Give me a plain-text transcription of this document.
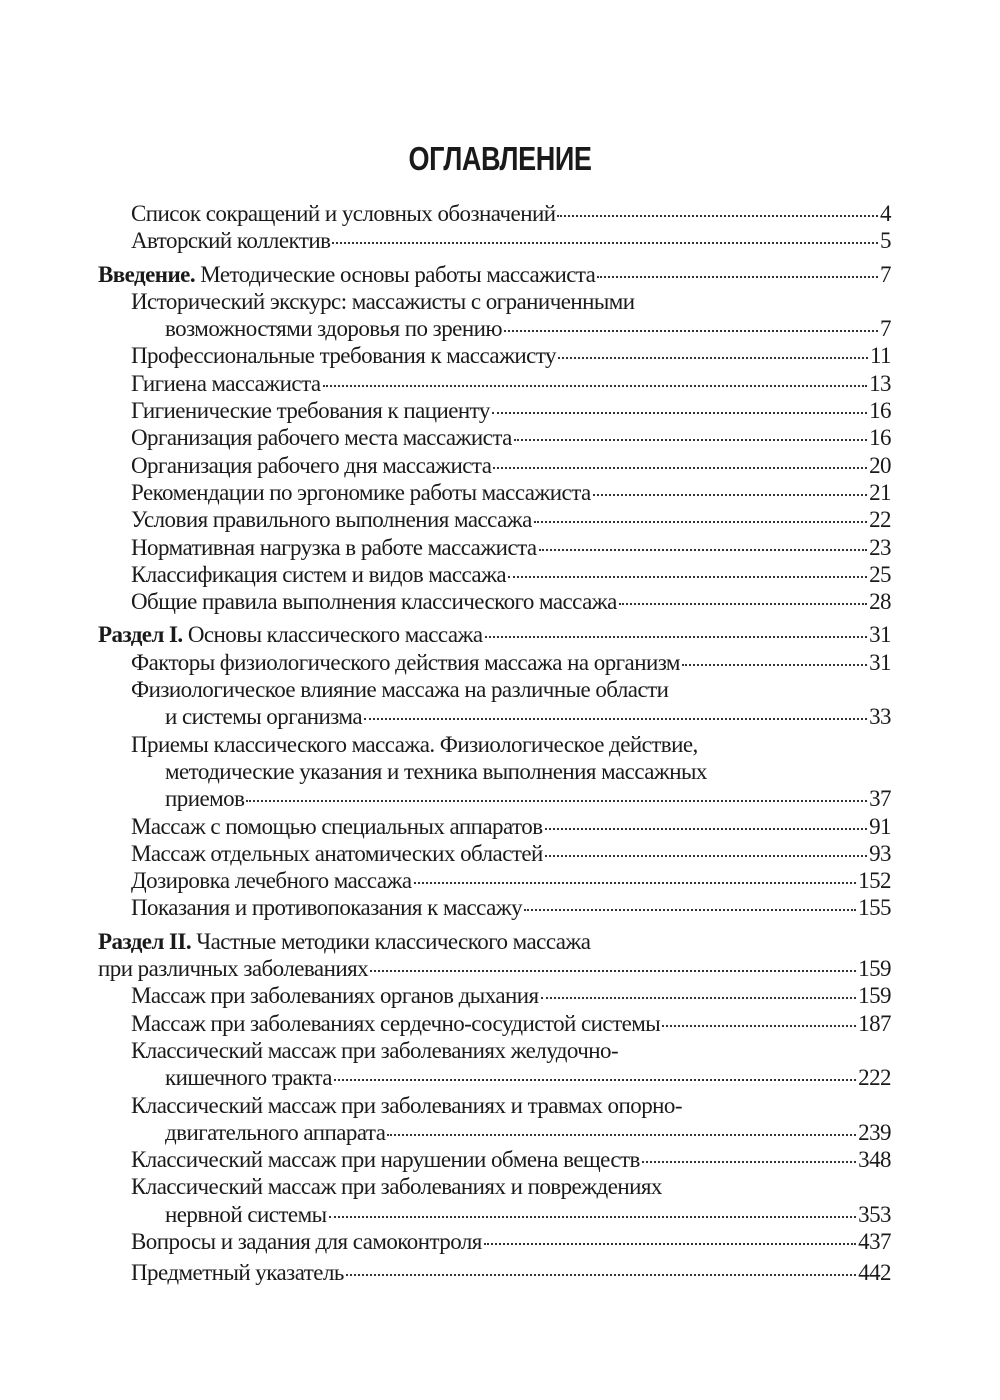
ОГЛАВЛЕНИЕ
Список сокращений и условных обозначений	4
Авторский коллектив	5
Введение. Методические основы работы массажиста	7
Исторический экскурс: массажисты с ограниченными
возможностями здоровья по зрению	7
Профессиональные требования к массажисту	11
Гигиена массажиста	13
Гигиенические требования к пациенту	16
Организация рабочего места массажиста	16
Организация рабочего дня массажиста	20
Рекомендации по эргономике работы массажиста	21
Условия правильного выполнения массажа	22
Нормативная нагрузка в работе массажиста	23
Классификация систем и видов массажа	25
Общие правила выполнения классического массажа	28
Раздел I. Основы классического массажа	31
Факторы физиологического действия массажа на организм	31
Физиологическое влияние массажа на различные области
и системы организма	33
Приемы классического массажа. Физиологическое действие,
методические указания и техника выполнения массажных
приемов	37
Массаж с помощью специальных аппаратов	91
Массаж отдельных анатомических областей	93
Дозировка лечебного массажа	152
Показания и противопоказания к массажу	155
Раздел II. Частные методики классического массажа
при различных заболеваниях	159
Массаж при заболеваниях органов дыхания	159
Массаж при заболеваниях сердечно-сосудистой системы	187
Классический массаж при заболеваниях желудочно-
кишечного тракта	222
Классический массаж при заболеваниях и травмах опорно-
двигательного аппарата	239
Классический массаж при нарушении обмена веществ	348
Классический массаж при заболеваниях и повреждениях
нервной системы	353
Вопросы и задания для самоконтроля	437
Предметный указатель	442
